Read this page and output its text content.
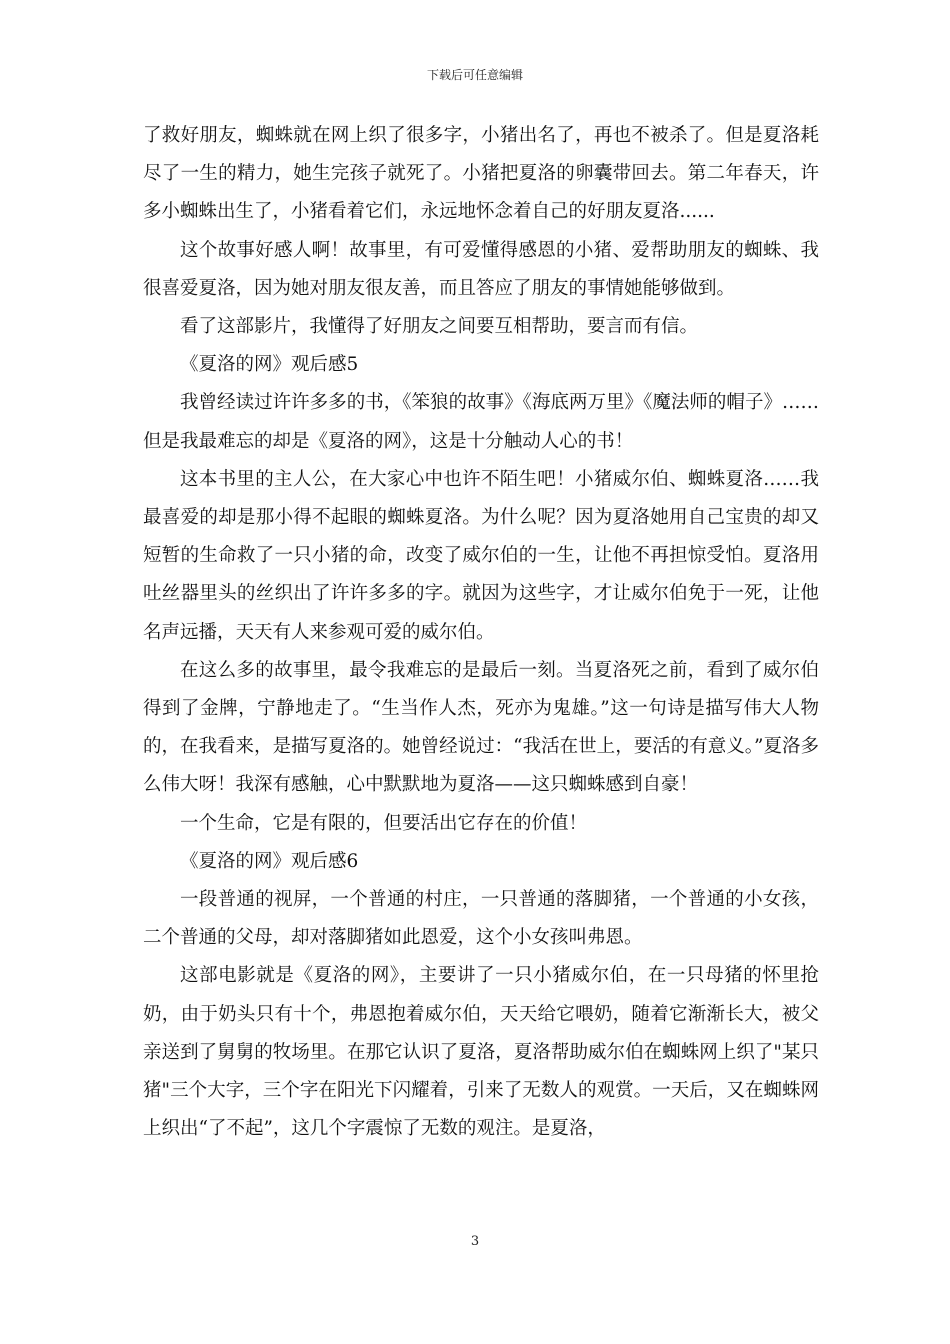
下载后可任意编辑

了救好朋友，蜘蛛就在网上织了很多字，小猪出名了，再也不被杀了。但是夏洛耗尽了一生的精力，她生完孩子就死了。小猪把夏洛的卵囊带回去。第二年春天，许多小蜘蛛出生了，小猪看着它们，永远地怀念着自己的好朋友夏洛......

这个故事好感人啊！故事里，有可爱懂得感恩的小猪、爱帮助朋友的蜘蛛、我很喜爱夏洛，因为她对朋友很友善，而且答应了朋友的事情她能够做到。

看了这部影片，我懂得了好朋友之间要互相帮助，要言而有信。

《夏洛的网》观后感5

我曾经读过许许多多的书，《笨狼的故事》《海底两万里》《魔法师的帽子》……但是我最难忘的却是《夏洛的网》，这是十分触动人心的书！

这本书里的主人公，在大家心中也许不陌生吧！小猪威尔伯、蜘蛛夏洛……我最喜爱的却是那小得不起眼的蜘蛛夏洛。为什么呢？因为夏洛她用自己宝贵的却又短暂的生命救了一只小猪的命，改变了威尔伯的一生，让他不再担惊受怕。夏洛用吐丝器里头的丝织出了许许多多的字。就因为这些字，才让威尔伯免于一死，让他名声远播，天天有人来参观可爱的威尔伯。

在这么多的故事里，最令我难忘的是最后一刻。当夏洛死之前，看到了威尔伯得到了金牌，宁静地走了。“生当作人杰，死亦为鬼雄。”这一句诗是描写伟大人物的，在我看来，是描写夏洛的。她曾经说过：“我活在世上，要活的有意义。”夏洛多么伟大呀！我深有感触，心中默默地为夏洛——这只蜘蛛感到自豪！

一个生命，它是有限的，但要活出它存在的价值！

《夏洛的网》观后感6

一段普通的视屏，一个普通的村庄，一只普通的落脚猪，一个普通的小女孩，二个普通的父母，却对落脚猪如此恩爱，这个小女孩叫弗恩。

这部电影就是《夏洛的网》，主要讲了一只小猪威尔伯，在一只母猪的怀里抢奶，由于奶头只有十个，弗恩抱着威尔伯，天天给它喂奶，随着它渐渐长大，被父亲送到了舅舅的牧场里。在那它认识了夏洛，夏洛帮助威尔伯在蜘蛛网上织了"某只猪"三个大字，三个字在阳光下闪耀着，引来了无数人的观赏。一天后，又在蜘蛛网上织出“了不起”，这几个字震惊了无数的观注。是夏洛，

3
